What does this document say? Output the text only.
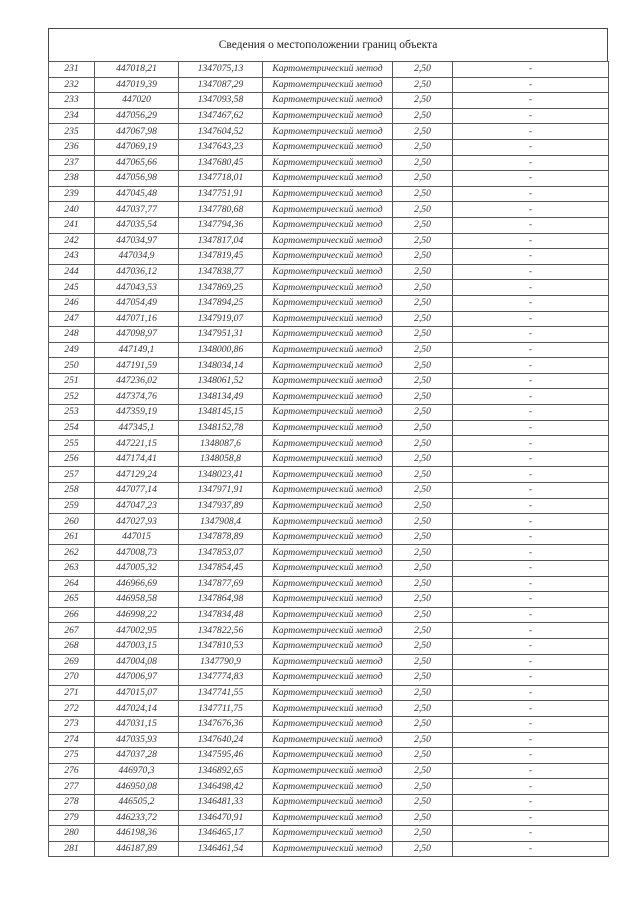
Сведения о местоположении границ объекта
231	447018,21	1347075,13	Картометрический метод	2,50	-
232	447019,39	1347087,29	Картометрический метод	2,50	-
233	447020	1347093,58	Картометрический метод	2,50	-
234	447056,29	1347467,62	Картометрический метод	2,50	-
235	447067,98	1347604,52	Картометрический метод	2,50	-
236	447069,19	1347643,23	Картометрический метод	2,50	-
237	447065,66	1347680,45	Картометрический метод	2,50	-
238	447056,98	1347718,01	Картометрический метод	2,50	-
239	447045,48	1347751,91	Картометрический метод	2,50	-
240	447037,77	1347780,68	Картометрический метод	2,50	-
241	447035,54	1347794,36	Картометрический метод	2,50	-
242	447034,97	1347817,04	Картометрический метод	2,50	-
243	447034,9	1347819,45	Картометрический метод	2,50	-
244	447036,12	1347838,77	Картометрический метод	2,50	-
245	447043,53	1347869,25	Картометрический метод	2,50	-
246	447054,49	1347894,25	Картометрический метод	2,50	-
247	447071,16	1347919,07	Картометрический метод	2,50	-
248	447098,97	1347951,31	Картометрический метод	2,50	-
249	447149,1	1348000,86	Картометрический метод	2,50	-
250	447191,59	1348034,14	Картометрический метод	2,50	-
251	447236,02	1348061,52	Картометрический метод	2,50	-
252	447374,76	1348134,49	Картометрический метод	2,50	-
253	447359,19	1348145,15	Картометрический метод	2,50	-
254	447345,1	1348152,78	Картометрический метод	2,50	-
255	447221,15	1348087,6	Картометрический метод	2,50	-
256	447174,41	1348058,8	Картометрический метод	2,50	-
257	447129,24	1348023,41	Картометрический метод	2,50	-
258	447077,14	1347971,91	Картометрический метод	2,50	-
259	447047,23	1347937,89	Картометрический метод	2,50	-
260	447027,93	1347908,4	Картометрический метод	2,50	-
261	447015	1347878,89	Картометрический метод	2,50	-
262	447008,73	1347853,07	Картометрический метод	2,50	-
263	447005,32	1347854,45	Картометрический метод	2,50	-
264	446966,69	1347877,69	Картометрический метод	2,50	-
265	446958,58	1347864,98	Картометрический метод	2,50	-
266	446998,22	1347834,48	Картометрический метод	2,50	-
267	447002,95	1347822,56	Картометрический метод	2,50	-
268	447003,15	1347810,53	Картометрический метод	2,50	-
269	447004,08	1347790,9	Картометрический метод	2,50	-
270	447006,97	1347774,83	Картометрический метод	2,50	-
271	447015,07	1347741,55	Картометрический метод	2,50	-
272	447024,14	1347711,75	Картометрический метод	2,50	-
273	447031,15	1347676,36	Картометрический метод	2,50	-
274	447035,93	1347640,24	Картометрический метод	2,50	-
275	447037,28	1347595,46	Картометрический метод	2,50	-
276	446970,3	1346892,65	Картометрический метод	2,50	-
277	446950,08	1346498,42	Картометрический метод	2,50	-
278	446505,2	1346481,33	Картометрический метод	2,50	-
279	446233,72	1346470,91	Картометрический метод	2,50	-
280	446198,36	1346465,17	Картометрический метод	2,50	-
281	446187,89	1346461,54	Картометрический метод	2,50	-
